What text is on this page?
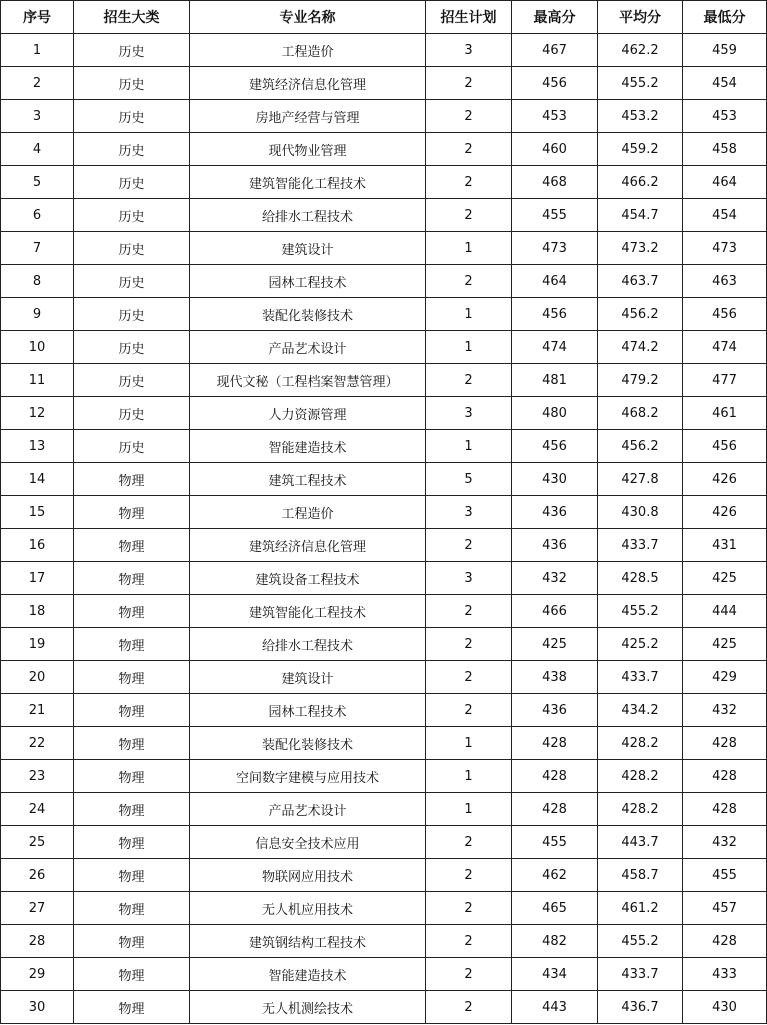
序号	招生大类	专业名称	招生计划	最高分	平均分	最低分
1	历史	工程造价	3	467	462.2	459
2	历史	建筑经济信息化管理	2	456	455.2	454
3	历史	房地产经营与管理	2	453	453.2	453
4	历史	现代物业管理	2	460	459.2	458
5	历史	建筑智能化工程技术	2	468	466.2	464
6	历史	给排水工程技术	2	455	454.7	454
7	历史	建筑设计	1	473	473.2	473
8	历史	园林工程技术	2	464	463.7	463
9	历史	装配化装修技术	1	456	456.2	456
10	历史	产品艺术设计	1	474	474.2	474
11	历史	现代文秘（工程档案智慧管理）	2	481	479.2	477
12	历史	人力资源管理	3	480	468.2	461
13	历史	智能建造技术	1	456	456.2	456
14	物理	建筑工程技术	5	430	427.8	426
15	物理	工程造价	3	436	430.8	426
16	物理	建筑经济信息化管理	2	436	433.7	431
17	物理	建筑设备工程技术	3	432	428.5	425
18	物理	建筑智能化工程技术	2	466	455.2	444
19	物理	给排水工程技术	2	425	425.2	425
20	物理	建筑设计	2	438	433.7	429
21	物理	园林工程技术	2	436	434.2	432
22	物理	装配化装修技术	1	428	428.2	428
23	物理	空间数字建模与应用技术	1	428	428.2	428
24	物理	产品艺术设计	1	428	428.2	428
25	物理	信息安全技术应用	2	455	443.7	432
26	物理	物联网应用技术	2	462	458.7	455
27	物理	无人机应用技术	2	465	461.2	457
28	物理	建筑钢结构工程技术	2	482	455.2	428
29	物理	智能建造技术	2	434	433.7	433
30	物理	无人机测绘技术	2	443	436.7	430
